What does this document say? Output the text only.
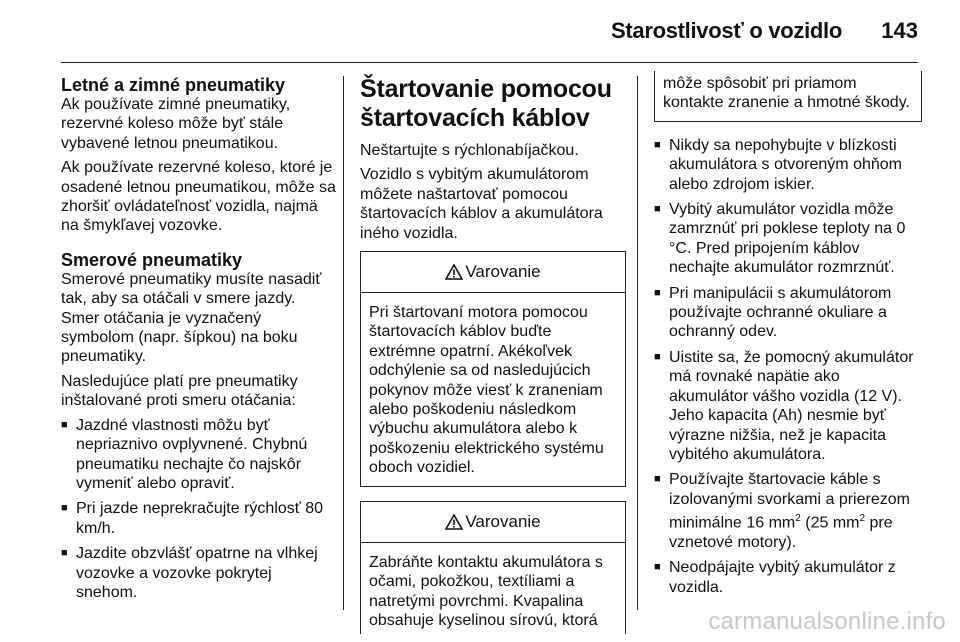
Starostlivosť o vozidlo 143
Letné a zimné pneumatiky

Ak používate zimné pneumatiky, rezervné koleso môže byť stále vybavené letnou pneumatikou.

Ak používate rezervné koleso, ktoré je osadené letnou pneumatikou, môže sa zhoršiť ovládateľnosť vozidla, najmä na šmykľavej vozovke.

Smerové pneumatiky

Smerové pneumatiky musíte nasadiť tak, aby sa otáčali v smere jazdy. Smer otáčania je vyznačený symbolom (napr. šípkou) na boku pneumatiky.

Nasledujúce platí pre pneumatiky inštalované proti smeru otáčania:

■ Jazdné vlastnosti môžu byť nepriaznivo ovplyvnené. Chybnú pneumatiku nechajte čo najskôr vymeniť alebo opraviť.
■ Pri jazde neprekračujte rýchlosť 80 km/h.
■ Jazdite obzvlášť opatrne na vlhkej vozovke a vozovke pokrytej snehom.
Štartovanie pomocou štartovacích káblov

Neštartujte s rýchlonabíjačkou.

Vozidlo s vybitým akumulátorom môžete naštartovať pomocou štartovacích káblov a akumulátora iného vozidla.

Varovanie
Pri štartovaní motora pomocou štartovacích káblov buďte extrémne opatrní. Akékoľvek odchýlenie sa od nasledujúcich pokynov môže viesť k zraneniam alebo poškodeniu následkom výbuchu akumulátora alebo k poškozeniu elektrického systému oboch vozidiel.
Varovanie
Zabráňte kontaktu akumulátora s očami, pokožkou, textíliami a natretými povrchmi. Kvapalina obsahuje kyselinou sírovú, ktorá
môže spôsobiť pri priamom kontakte zranenie a hmotné škody.
■ Nikdy sa nepohybujte v blízkosti akumulátora s otvoreným ohňom alebo zdrojom iskier.
■ Vybitý akumulátor vozidla môže zamrznúť pri poklese teploty na 0 °C. Pred pripojením káblov nechajte akumulátor rozmrznúť.
■ Pri manipulácii s akumulátorom používajte ochranné okuliare a ochranný odev.
■ Uistite sa, že pomocný akumulátor má rovnaké napätie ako akumulátor vášho vozidla (12 V). Jeho kapacita (Ah) nesmie byť výrazne nižšia, než je kapacita vybitého akumulátora.
■ Používajte štartovacie káble s izolovanými svorkami a prierezom minimálne 16 $mm^2$ (25 $mm^2$ pre vznetové motory).
■ Neodpájajte vybitý akumulátor z vozidla.
carmanualsonline.info
